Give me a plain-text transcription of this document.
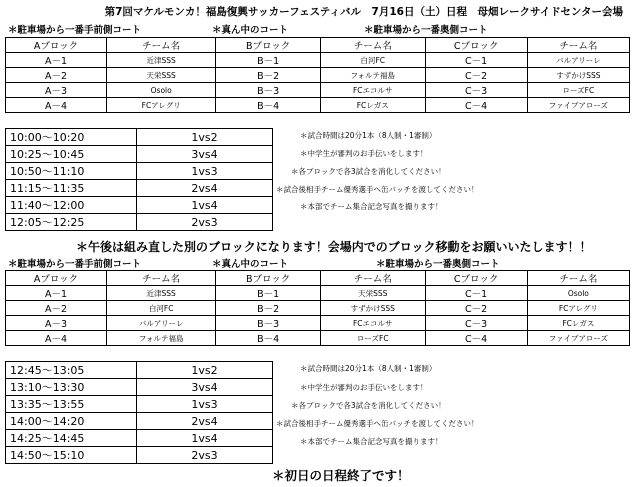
第7回マケルモンカ！福島復興サッカーフェスティバル　7月16日（土）日程　母畑レークサイドセンター会場
＊駐車場から一番手前側コート	＊真ん中のコート	＊駐車場から一番奥側コート
Aブロック	チーム名	Bブロック	チーム名	Cブロック	チーム名
A－1	近津SSS	B－1	白河FC	C－1	バルアリーレ
A－2	天栄SSS	B－2	フォルテ福島	C－2	すずかけSSS
A－3	Osolo	B－3	FCエコルサ	C－3	ローズFC
A－4	FCアレグリ	B－4	FCレガス	C－4	ファイブアローズ
10:00～10:20	1vs2
10:25～10:45	3vs4
10:50～11:10	1vs3
11:15～11:35	2vs4
11:40～12:00	1vs4
12:05～12:25	2vs3
＊試合時間は20分1本（8人制・1審制）
＊中学生が審判のお手伝いをします！
＊各ブロックで各3試合を消化してください！
＊試合後相手チーム優秀選手へ缶バッチを渡してください！
＊本部でチーム集合記念写真を撮ります！
＊午後は組み直した別のブロックになります！会場内でのブロック移動をお願いいたします！！
＊駐車場から一番手前側コート	＊真ん中のコート	＊駐車場から一番奥側コート
Aブロック	チーム名	Bブロック	チーム名	Cブロック	チーム名
A－1	近津SSS	B－1	天栄SSS	C－1	Osolo
A－2	白河FC	B－2	すずかけSSS	C－2	FCアレグリ
A－3	バルアリーレ	B－3	FCエコルサ	C－3	FCレガス
A－4	フォルテ福島	B－4	ローズFC	C－4	ファイブアローズ
12:45～13:05	1vs2
13:10～13:30	3vs4
13:35～13:55	1vs3
14:00～14:20	2vs4
14:25～14:45	1vs4
14:50～15:10	2vs3
＊試合時間は20分1本（8人制・1審制）
＊中学生が審判のお手伝いをします！
＊各ブロックで各3試合を消化してください！
＊試合後相手チーム優秀選手へ缶バッチを渡してください！
＊本部でチーム集合記念写真を撮ります！
＊初日の日程終了です！
